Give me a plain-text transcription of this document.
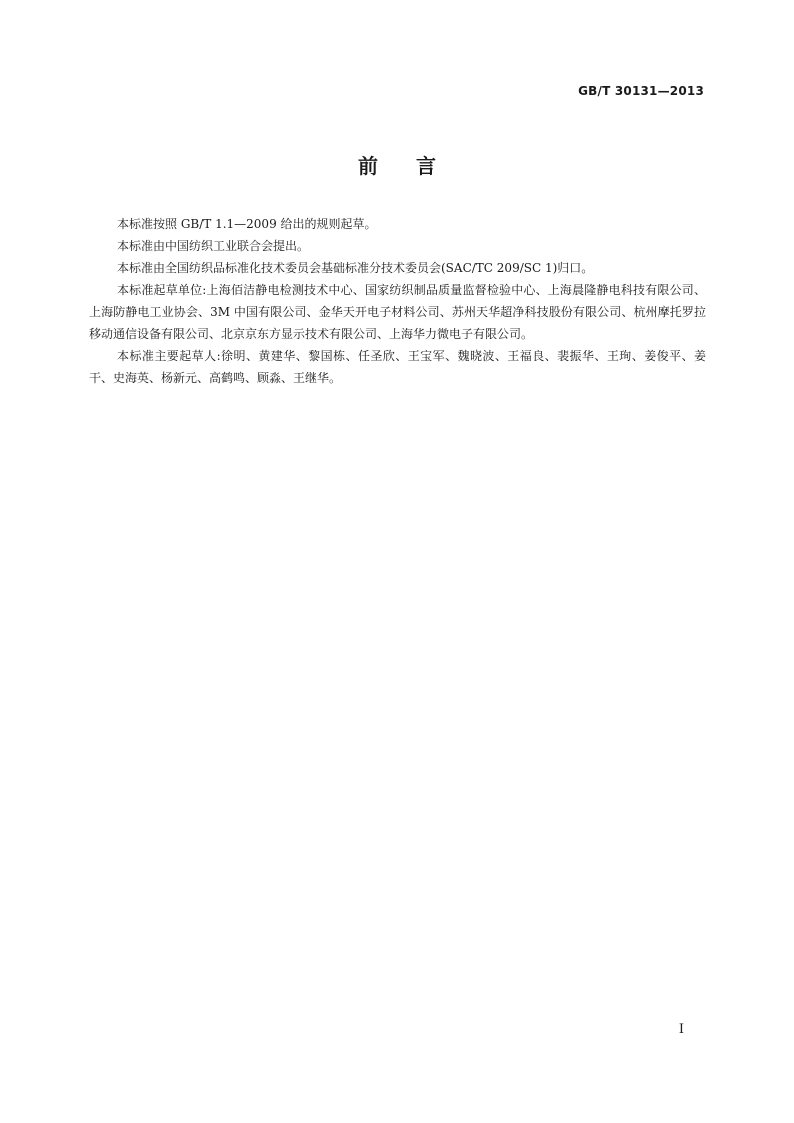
GB/T 30131—2013
前言

本标准按照 GB/T 1.1—2009 给出的规则起草。

本标准由中国纺织工业联合会提出。

本标准由全国纺织品标准化技术委员会基础标准分技术委员会(SAC/TC 209/SC 1)归口。

本标准起草单位:上海佰洁静电检测技术中心、国家纺织制品质量监督检验中心、上海晨隆静电科技有限公司、上海防静电工业协会、3M 中国有限公司、金华天开电子材料公司、苏州天华超净科技股份有限公司、杭州摩托罗拉移动通信设备有限公司、北京京东方显示技术有限公司、上海华力微电子有限公司。

本标准主要起草人:徐明、黄建华、黎国栋、任圣欣、王宝军、魏晓波、王福良、裴振华、王珣、姜俊平、姜干、史海英、杨新元、高鹤鸣、顾淼、王继华。

I
